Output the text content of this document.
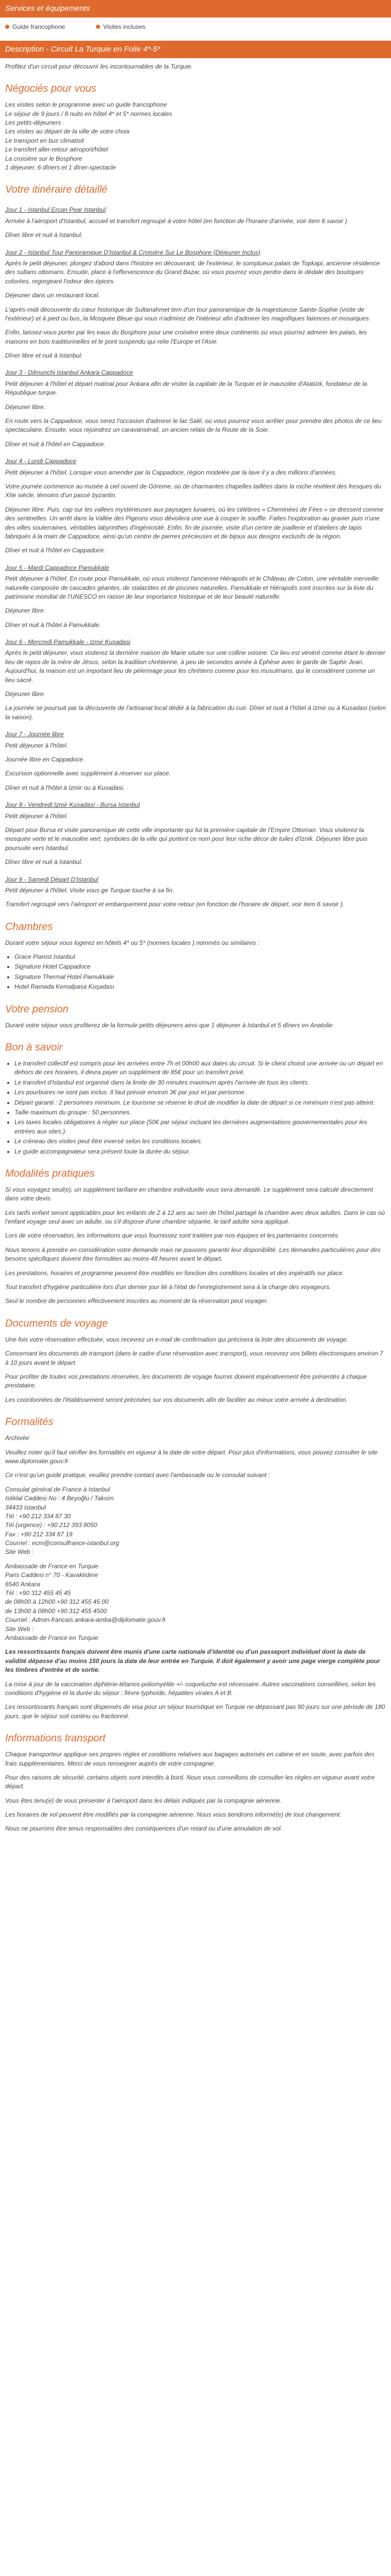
Services et équipements
Guide francophone	Visites incluses
Description - Circuit La Turquie en Folie 4*-5*

Profitez d'un circuit pour découvrir les incontournables de la Turquie.

Négociés pour vous

Les visites selon le programme avec un guide francophone
Le séjour de 9 jours / 8 nuits en hôtel 4* et 5* normes locales
Les petits-déjeuners
Les visites au départ de la ville de votre choix
Le transport en bus climatisé
Le transfert aller-retour aéroport/hôtel
La croisière sur le Bosphore
1 déjeuner, 6 dîners et 1 dîner-spectacle

Votre itinéraire détaillé
Jour 1 - Istanbul Ercan Pear Istanbul

Arrivée à l'aéroport d'Istanbul, accueil et transfert regroupé à votre hôtel (en fonction de l'horaire d'arrivée, voir item 6 savoir )

Dîner libre et nuit à Istanbul.

Jour 2 - Istanbul Tour Panoramique D'Istanbul & Croisière Sur Le Bosphore (Déjeuner Inclus)

Après le petit déjeuner, plongez d'abord dans l'histoire en découvrant, de l'extérieur, le somptueux palais de Topkapi, ancienne résidence des sultans ottomans. Ensuite, place à l'effervescence du Grand Bazar, où vous pourrez vous perdre dans le dédale des boutiques colorées, regorgeant l'odeur des épices.

Déjeuner dans un restaurant local.

L'après-midi découverte du cœur historique de Sultanahmet tern d'un tour panoramique de la majestueuse Sainte-Sophie (visite de l'extérieur) et à pied ou bus, la Mosquée Bleue qui vous n'admirez de l'intérieur afin d'admirer les magnifiques faïences et mosaïques.

Enfin, laissez-vous porter par les eaux du Bosphore pour une croisière entre deux continents où vous pourrez admirer les palais, les maisons en bois traditionnelles et le pont suspendu qui relie l'Europe et l'Asie.

Dîner libre et nuit à Istanbul.

Jour 3 - Dilmunchi Istanbul Ankara Cappadoce

Petit déjeuner à l'hôtel et départ matinal pour Ankara afin de visiter la capitale de la Turquie et le mausolée d'Atatürk, fondateur de la République turque.

Déjeuner libre.

En route vers la Cappadoce, vous serez l'occasion d'admirer le lac Salé, où vous pourrez vous arrêter pour prendre des photos de ce lieu spectaculaire. Ensuite, vous rejoindrez un caravansérail, un ancien relais de la Route de la Soie.

Dîner et nuit à l'hôtel en Cappadoce.

Jour 4 - Lundi Cappadoce

Petit déjeuner à l'hôtel. Lorsque vous amender par la Cappadoce, région modelée par la lave il y a des millions d'années.

Votre journée commence au musée à ciel ouvert de Göreme, où de charmantes chapelles taillées dans la roche révèlent des fresques du XIIe siècle, témoins d'un passé byzantin.

Déjeuner libre. Puis, cap sur les vallées mystérieuses aux paysages lunaires, où les célèbres « Cheminées de Fées » se dressent comme des sentinelles. Un arrêt dans la Vallée des Pigeons vous dévoilera une vue à couper le souffle. Faites l'exploration au gravier puis n'une des villes souterraines, véritables labyrinthes d'ingéniosité. Enfin, fin de journée, visite d'un centre de joaillerie et d'ateliers de tapis fabriqués à la main de Cappadoce, ainsi qu'un centre de pierres précieuses et de bijoux aux designs exclusifs de la région.

Dîner et nuit à l'hôtel en Cappadoce.

Jour 5 - Mardi Cappadoce Pamukkale

Petit déjeuner à l'hôtel. En route pour Pamukkale, où vous visiterez l'ancienne Hiérapolis et le Château de Coton, une véritable merveille naturelle composée de cascades géantes, de stalactites et de piscines naturelles. Pamukkale et Hiérapolis sont inscrites sur la liste du patrimoine mondial de l'UNESCO en raison de leur importance historique et de leur beauté naturelle.

Déjeuner libre.

Dîner et nuit à l'hôtel à Pamukkale.

Jour 6 - Mercredi Pamukkale - Izmir Kusadasi

Après le petit déjeuner, vous visiterez la dernière maison de Marie située sur une colline voisine. Ce lieu est vénéré comme étant le dernier lieu de repos de la mère de Jésus, selon la tradition chrétienne, à peu de secondes année à Éphèse avec le garde de Saphir Jean. Aujourd'hui, la maison est un important lieu de pèlerinage pour les chrétiens comme pour les musulmans, qui le considèrent comme un lieu sacré.

Déjeuner libre.

La journée se poursuit par la découverte de l'artisanat local dédié à la fabrication du cuir. Dîner et nuit à l'hôtel à Izmir ou à Kusadasi (selon la saison).

Jour 7 - Journée libre

Petit déjeuner à l'hôtel.

Journée libre en Cappadoce.

Excursion optionnelle avec supplément à réserver sur place.

Dîner et nuit à l'hôtel à Izmir ou à Kusadasi.

Jour 8 - Vendredi Izmir Kusadasi - Bursa Istanbul

Petit déjeuner à l'hôtel.

Départ pour Bursa et visite panoramique de cette ville importante qui fut la première capitale de l'Empire Ottoman. Vous visiterez la mosquée verte et le mausolée vert, symboles de la ville qui portent ce nom pour leur riche décor de tuiles d'Iznik. Déjeuner libre puis poursuite vers Istanbul.

Dîner libre et nuit à Istanbul.

Jour 9 - Samedi Départ D'Istanbul

Petit déjeuner à l'hôtel. Visite vous ge Turquie touche à sa fin.

Transfert regroupé vers l'aéroport et embarquement pour votre retour (en fonction de l'horaire de départ, voir item 6 savoir ).

Chambres

Durant votre séjour vous logerez en hôtels 4* ou 5* (normes locales ) nommés ou similaires :

• Grace Pianist Istanbul
• Signature Hotel Cappadoce
• Signature Thermal Hotel Pamukkale
• Hotel Ramada Kemalpasa Kuşadası
Votre pension

Durant votre séjour vous profiterez de la formule petits déjeuners ainsi que 1 déjeuner à Istanbul et 5 dîners en Anatolie.

Bon à savoir
• Le transfert collectif est compris pour les arrivées entre 7h et 00h00 aux dates du circuit. Si le client choisit une arrivée ou un départ en dehors de ces horaires, il devra payer un supplément de 85€ pour un transfert privé.
• Le transfert d'Istanbul est organisé dans la limite de 30 minutes maximum après l'arrivée de tous les clients.
• Les pourboires ne sont pas inclus. Il faut prévoir environ 3€ par jour et par personne.
• Départ garanti : 2 personnes minimum. Le tourisme se réserve le droit de modifier la date de départ si ce minimum n'est pas atteint.
• Taille maximum du groupe : 50 personnes.
• Les taxes locales obligatoires à régler sur place (50€ par séjour incluant les dernières augmentations gouvernementales pour les entrées aux sites.).
• Le créneau des visites peut être inversé selon les conditions locales.
• Le guide accompagnateur sera présent toute la durée du séjour.
Modalités pratiques

Si vous voyagez seul(e), un supplément tarifaire en chambre individuelle vous sera demandé. Le supplément sera calculé directement dans votre devis.

Les tarifs enfant seront applicables pour les enfants de 2 à 12 ans au sein de l'hôtel partagé la chambre avec deux adultes. Dans le cas où l'enfant voyage seul avec un adulte, ou s'il dispose d'une chambre séparée, le tarif adulte sera appliqué.

Lors de votre réservation, les informations que vous fournissez sont traitées par nos équipes et les partenaires concernés.

Nous tenons à prendre en considération votre demande mais ne pouvons garantir leur disponibilité. Les demandes particulières pour des besoins spécifiques doivent être formulées au moins 48 heures avant le départ.

Les prestations, horaires et programme peuvent être modifiés en fonction des conditions locales et des impératifs sur place.

Tout transfert d'hygiène particulière lors d'un dernier jour lié à l'état de l'enregistrement sera à la charge des voyageurs.

Seul le nombre de personnes effectivement inscrites au moment de la réservation peut voyager.

Documents de voyage

Une fois votre réservation effectuée, vous recevrez un e-mail de confirmation qui précisera la liste des documents de voyage.

Concernant les documents de transport (dans le cadre d'une réservation avec transport), vous recevrez vos billets électroniques environ 7 à 10 jours avant le départ.

Pour profiter de toutes vos prestations réservées, les documents de voyage fournis doivent impérativement être présentés à chaque prestataire.

Les coordonnées de l'établissement seront précisées sur vos documents afin de faciliter au mieux votre arrivée à destination.

Formalités

Archivée

Veuillez noter qu'il faut vérifier les formalités en vigueur à la date de votre départ. Pour plus d'informations, vous pouvez consulter le site www.diplomatie.gouv.fr

Ce n'est qu'un guide pratique, veuillez prendre contact avec l'ambassade ou le consulat suivant :

Consulat général de France à Istanbul
Istiklal Caddesi No : 4 Beyoğlu / Taksim
34433 Istanbul
Tél : +90 212 334 87 30
Tél (urgence) : +90 212 393 8050
Fax : +90 212 334 87 19
Courriel : ecm@consulfrance-istanbul.org
Site Web :

Ambassade de France en Turquie
Paris Caddesi n° 70 - Kavaklıdere
6540 Ankara
Tél : +90 312 455 45 45
de 08h00 à 12h00 +90 312 455 45 00
de 13h00 à 08h00 +90 312 455 4500
Courriel : Admin-francais.ankara-amba@diplomatie.gouv.fr
Site Web :
Ambassade de France en Turquie

Les ressortissants français doivent être munis d'une carte nationale d'identité ou d'un passeport individuel dont la date de validité dépasse d'au moins 150 jours la date de leur entrée en Turquie. Il doit également y avoir une page vierge complète pour les timbres d'entrée et de sortie.

La mise à jour de la vaccination diphtérie-tétanos-poliomyélite +/- coqueluche est nécessaire. Autres vaccinations conseillées, selon les conditions d'hygiène et la durée du séjour : fièvre typhoïde, hépatites virales A et B.

Les ressortissants français sont dispensés de visa pour un séjour touristique en Turquie ne dépassant pas 90 jours sur une période de 180 jours, que le séjour soit continu ou fractionné.

Informations transport

Chaque transporteur applique ses propres règles et conditions relatives aux bagages autorisés en cabine et en soute, avec parfois des frais supplémentaires. Merci de vous renseigner auprès de votre compagnie.

Pour des raisons de sécurité, certains objets sont interdits à bord. Nous vous conseillons de consulter les règles en vigueur avant votre départ.

Vous êtes tenu(e) de vous présenter à l'aéroport dans les délais indiqués par la compagnie aérienne.

Les horaires de vol peuvent être modifiés par la compagnie aérienne. Nous vous tiendrons informé(e) de tout changement.

Nous ne pourrons être tenus responsables des conséquences d'un retard ou d'une annulation de vol.
